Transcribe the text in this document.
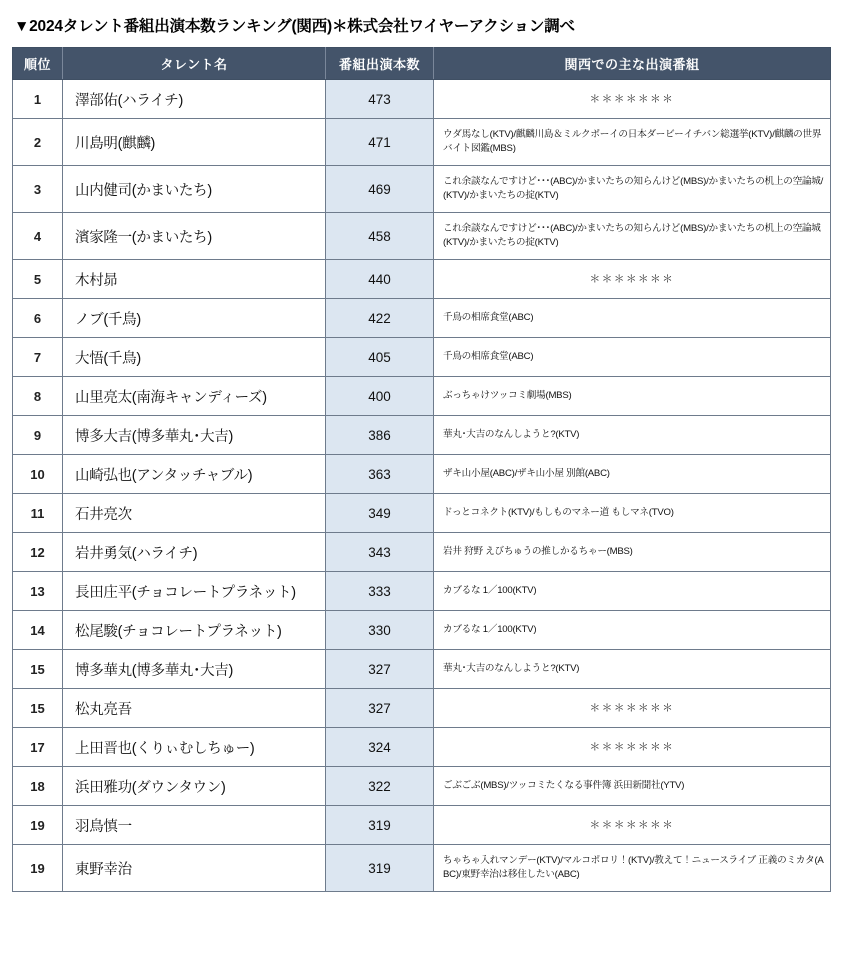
▼2024タレント番組出演本数ランキング(関西)＊株式会社ワイヤーアクション調べ
順位	タレント名	番組出演本数	関西での主な出演番組
1	澤部佑(ハライチ)	473	＊＊＊＊＊＊＊
2	川島明(麒麟)	471	ウダ馬なし(KTV)/麒麟川島＆ミルクボーイの日本ダービーイチバン総選挙(KTV)/麒麟の世界バイト図鑑(MBS)
3	山内健司(かまいたち)	469	これ余談なんですけど･･･(ABC)/かまいたちの知らんけど(MBS)/かまいたちの机上の空論城/(KTV)/かまいたちの掟(KTV)
4	濱家隆一(かまいたち)	458	これ余談なんですけど･･･(ABC)/かまいたちの知らんけど(MBS)/かまいたちの机上の空論城(KTV)/かまいたちの掟(KTV)
5	木村昴	440	＊＊＊＊＊＊＊
6	ノブ(千鳥)	422	千鳥の相席食堂(ABC)
7	大悟(千鳥)	405	千鳥の相席食堂(ABC)
8	山里亮太(南海キャンディーズ)	400	ぶっちゃけツッコミ劇場(MBS)
9	博多大吉(博多華丸･大吉)	386	華丸･大吉のなんしようと?(KTV)
10	山崎弘也(アンタッチャブル)	363	ザキ山小屋(ABC)/ザキ山小屋 別館(ABC)
11	石井亮次	349	ドっとコネクト(KTV)/もしものマネー道 もしマネ(TVO)
12	岩井勇気(ハライチ)	343	岩井 狩野 えびちゅうの推しかるちゃー(MBS)
13	長田庄平(チョコレートプラネット)	333	カブるな 1／100(KTV)
14	松尾駿(チョコレートプラネット)	330	カブるな 1／100(KTV)
15	博多華丸(博多華丸･大吉)	327	華丸･大吉のなんしようと?(KTV)
15	松丸亮吾	327	＊＊＊＊＊＊＊
17	上田晋也(くりぃむしちゅー)	324	＊＊＊＊＊＊＊
18	浜田雅功(ダウンタウン)	322	ごぶごぶ(MBS)/ツッコミたくなる事件簿 浜田新聞社(YTV)
19	羽鳥慎一	319	＊＊＊＊＊＊＊
19	東野幸治	319	ちゃちゃ入れマンデー(KTV)/マルコポロリ！(KTV)/教えて！ニュースライブ 正義のミカタ(ABC)/東野幸治は移住したい(ABC)
